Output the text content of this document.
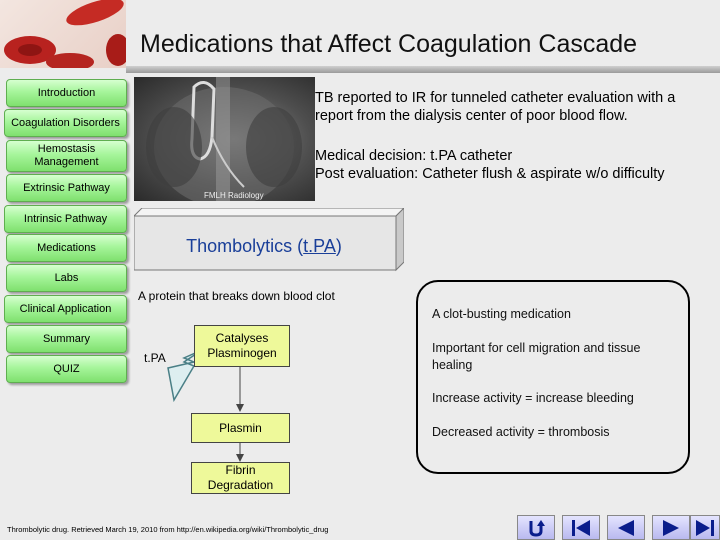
Medications that Affect Coagulation Cascade
Introduction
Coagulation Disorders
Hemostasis
Management
Extrinsic Pathway
Intrinsic Pathway
Medications
Labs
Clinical Application
Summary
QUIZ
FMLH Radiology
TB reported to IR for tunneled catheter evaluation with a report from the dialysis center of poor blood flow.
Medical decision: t.PA catheter
Post evaluation: Catheter flush & aspirate w/o difficulty
Thombolytics (t.PA)
A protein that breaks down blood clot
t.PA
Catalyses
Plasminogen
Plasmin
Fibrin
Degradation
A clot-busting medication
Important for cell migration and tissue
healing
Increase activity = increase bleeding
Decreased activity = thrombosis
Thrombolytic drug. Retrieved March 19, 2010 from http://en.wikipedia.org/wiki/Thrombolytic_drug
